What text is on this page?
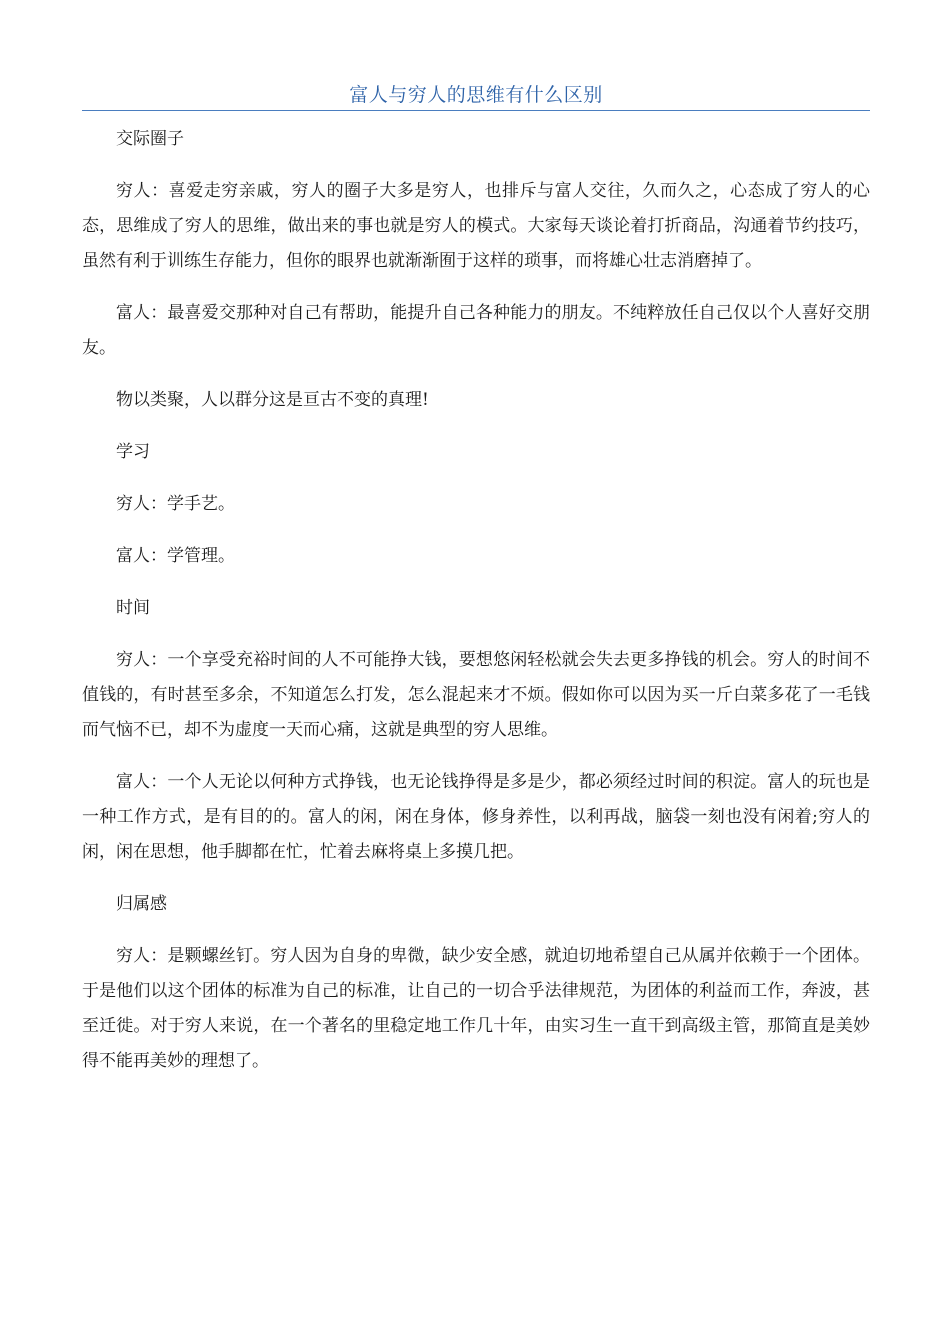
富人与穷人的思维有什么区别

交际圈子

穷人：喜爱走穷亲戚，穷人的圈子大多是穷人，也排斥与富人交往，久而久之，心态成了穷人的心态，思维成了穷人的思维，做出来的事也就是穷人的模式。大家每天谈论着打折商品，沟通着节约技巧，虽然有利于训练生存能力，但你的眼界也就渐渐囿于这样的琐事，而将雄心壮志消磨掉了。

富人：最喜爱交那种对自己有帮助，能提升自己各种能力的朋友。不纯粹放任自己仅以个人喜好交朋友。

物以类聚，人以群分这是亘古不变的真理!

学习

穷人：学手艺。

富人：学管理。

时间

穷人：一个享受充裕时间的人不可能挣大钱，要想悠闲轻松就会失去更多挣钱的机会。穷人的时间不值钱的，有时甚至多余，不知道怎么打发，怎么混起来才不烦。假如你可以因为买一斤白菜多花了一毛钱而气恼不已，却不为虚度一天而心痛，这就是典型的穷人思维。

富人：一个人无论以何种方式挣钱，也无论钱挣得是多是少，都必须经过时间的积淀。富人的玩也是一种工作方式，是有目的的。富人的闲，闲在身体，修身养性，以利再战，脑袋一刻也没有闲着;穷人的闲，闲在思想，他手脚都在忙，忙着去麻将桌上多摸几把。

归属感

穷人：是颗螺丝钉。穷人因为自身的卑微，缺少安全感，就迫切地希望自己从属并依赖于一个团体。于是他们以这个团体的标准为自己的标准，让自己的一切合乎法律规范，为团体的利益而工作，奔波，甚至迁徙。对于穷人来说，在一个著名的里稳定地工作几十年，由实习生一直干到高级主管，那简直是美妙得不能再美妙的理想了。
